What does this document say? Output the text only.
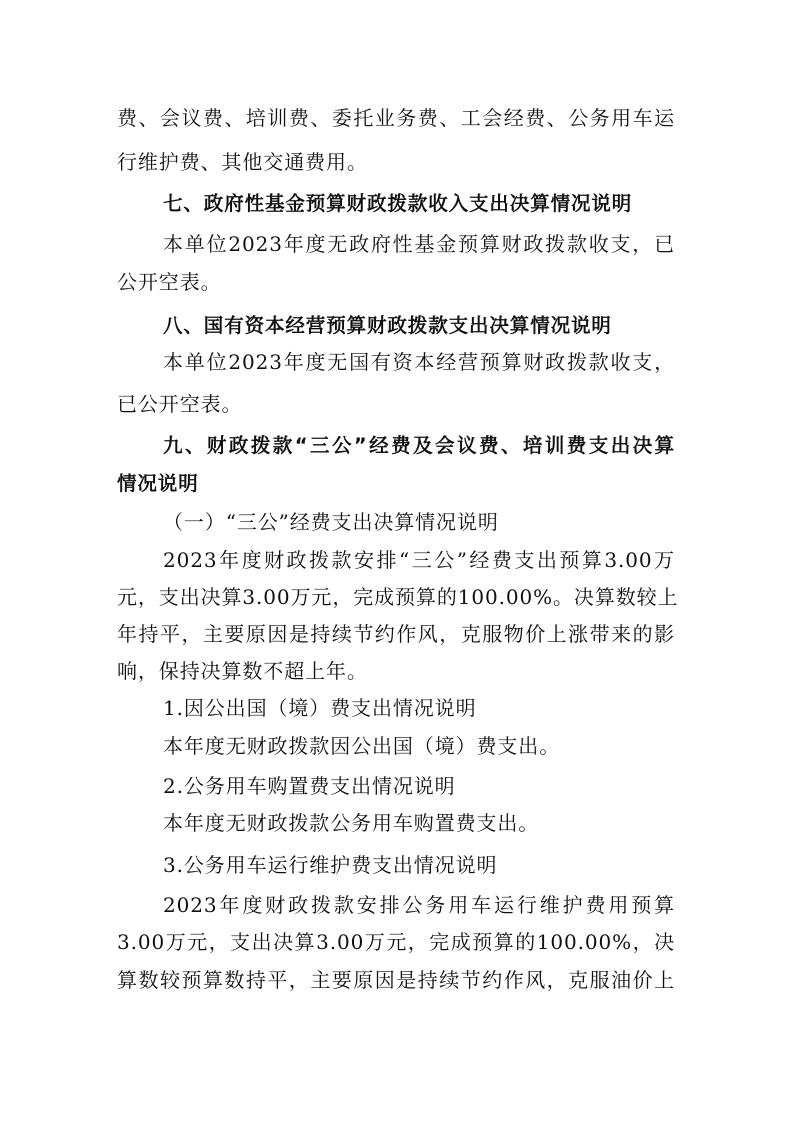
费、会议费、培训费、委托业务费、工会经费、公务用车运
行维护费、其他交通费用。
七、政府性基金预算财政拨款收入支出决算情况说明
本单位2023年度无政府性基金预算财政拨款收支，已
公开空表。
八、国有资本经营预算财政拨款支出决算情况说明
本单位2023年度无国有资本经营预算财政拨款收支，
已公开空表。
九、财政拨款“三公”经费及会议费、培训费支出决算
情况说明
（一）“三公”经费支出决算情况说明
2023年度财政拨款安排“三公”经费支出预算3.00万
元，支出决算3.00万元，完成预算的100.00%。决算数较上
年持平，主要原因是持续节约作风，克服物价上涨带来的影
响，保持决算数不超上年。
1.因公出国（境）费支出情况说明
本年度无财政拨款因公出国（境）费支出。
2.公务用车购置费支出情况说明
本年度无财政拨款公务用车购置费支出。
3.公务用车运行维护费支出情况说明
2023年度财政拨款安排公务用车运行维护费用预算
3.00万元，支出决算3.00万元，完成预算的100.00%，决
算数较预算数持平，主要原因是持续节约作风，克服油价上
